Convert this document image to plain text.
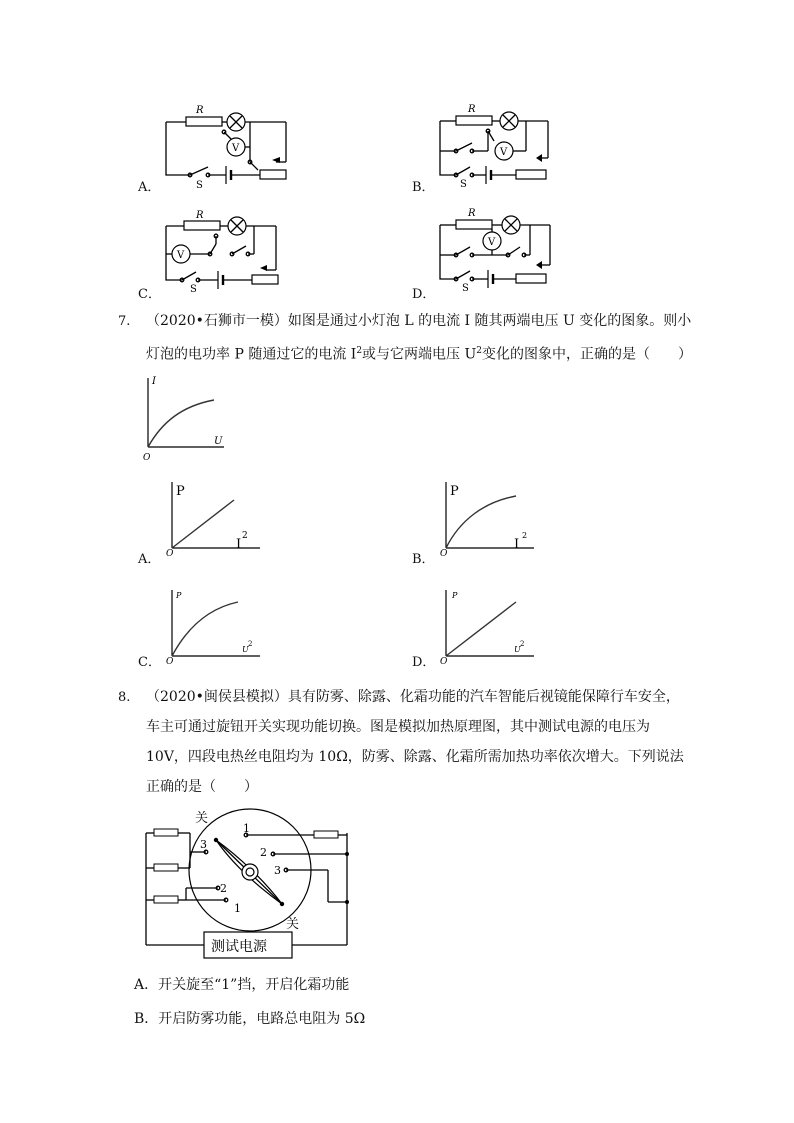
V
S
R
A．
R
V
S
B．
R
V
S
C．
R
V
S
D．
7. （2020•石狮市一模）如图是通过小灯泡 L 的电流 I 随其两端电压 U 变化的图象。则小
灯泡的电功率 P 随通过它的电流 $I^2$或与它两端电压 $U^2$变化的图象中，正确的是（　　）
I
U
O
P
I
2
O
A．
P
I
2
O
B．
P
U
2
O
C．
P
U
2
O
D．
8. （2020•闽侯县模拟）具有防雾、除露、化霜功能的汽车智能后视镜能保障行车安全，
车主可通过旋钮开关实现功能切换。图是模拟加热原理图，其中测试电源的电压为
10V，四段电热丝电阻均为 10Ω，防雾、除露、化霜所需加热功率依次增大。下列说法
正确的是（　　）
测试电源
3
2
1
关
关
1
2
3
A．开关旋至“1”挡，开启化霜功能
B．开启防雾功能，电路总电阻为 5Ω
